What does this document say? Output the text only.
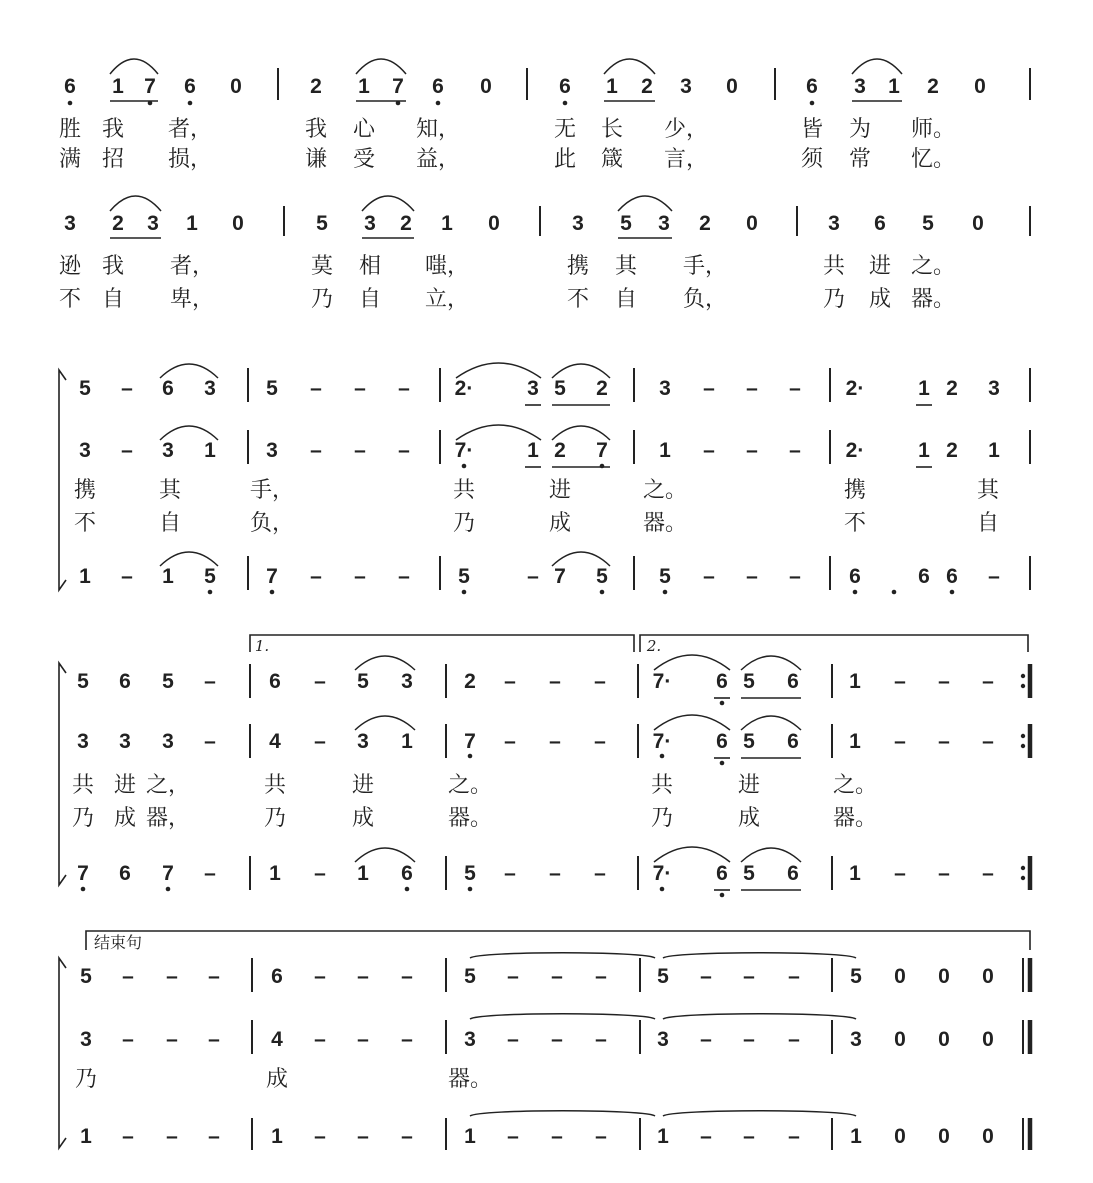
6 1 7 6 0	2 1 7 6 0	6 1 2 3 0	6 3 1 2 0
胜 我 者，	我 心 知，	无 长 少，	皆 为 师。
满 招 损，	谦 受 益，	此 箴 言，	须 常 忆。
3 2 3 1 0	5 3 2 1 0	3 5 3 2 0	3 6 5 0
逊 我 者，	莫 相 嗤，	携 其 手，	共 进 之。
不 自 卑，	乃 自 立，	不 自 负，	乃 成 器。
5 – 6 3 5 – – – 2·	3 5 2 3 – – – 2·	1 2 3
3 – 3 1 3 – – – 7·	1 2 7 1 – – – 2·	1 2 1
携	其	手，	共	进	之。	携	其
不	自	负，	乃	成	器。	不	自
1 – 1 5 7 – – – 5	– 7 5 5 – – – 6	6 6 –
1.	2.
5 6 5 –	6 – 5 3 2 – – – 7· 6 5 6 1 – – –
3 3 3 –	4 – 3 1 7 – – – 7· 6 5 6 1 – – –
共 进 之，	共	进	之。	共	进	之。
乃 成 器，	乃	成	器。	乃	成	器。
7 6 7 –	1 – 1 6 5 – – – 7· 6 5 6 1 – – –
结束句
5 – – – 6 – – – 5 – – – 5 – – – 5 0 0 0
3 – – – 4 – – – 3 – – – 3 – – – 3 0 0 0
乃	成	器。
1 – – – 1 – – – 1 – – – 1 – – – 1 0 0 0
